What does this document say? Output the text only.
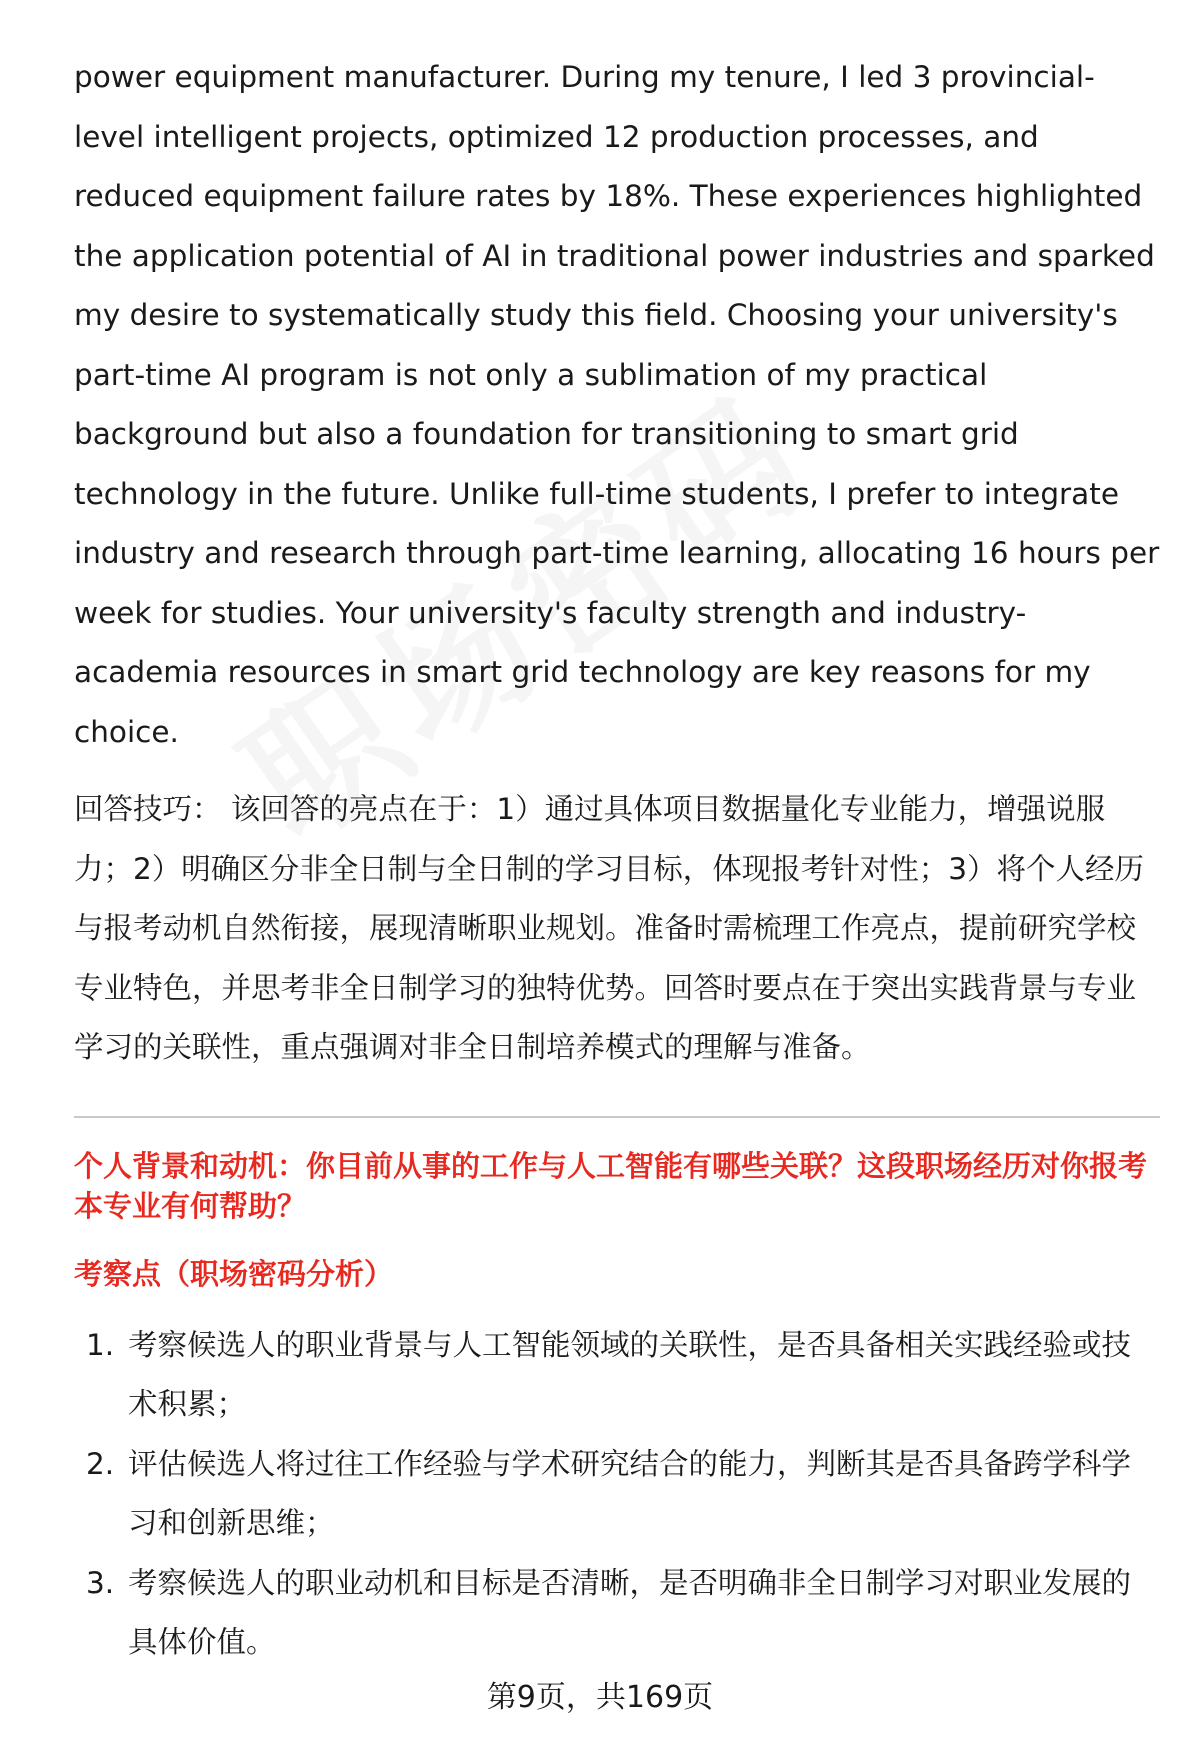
power equipment manufacturer. During my tenure, I led 3 provincial-level intelligent projects, optimized 12 production processes, and reduced equipment failure rates by 18%. These experiences highlighted the application potential of AI in traditional power industries and sparked my desire to systematically study this field. Choosing your university's part-time AI program is not only a sublimation of my practical background but also a foundation for transitioning to smart grid technology in the future. Unlike full-time students, I prefer to integrate industry and research through part-time learning, allocating 16 hours per week for studies. Your university's faculty strength and industry-academia resources in smart grid technology are key reasons for my choice.

回答技巧： 该回答的亮点在于：1）通过具体项目数据量化专业能力，增强说服力；2）明确区分非全日制与全日制的学习目标，体现报考针对性；3）将个人经历与报考动机自然衔接，展现清晰职业规划。准备时需梳理工作亮点，提前研究学校专业特色，并思考非全日制学习的独特优势。回答时要点在于突出实践背景与专业学习的关联性，重点强调对非全日制培养模式的理解与准备。

个人背景和动机：你目前从事的工作与人工智能有哪些关联？这段职场经历对你报考本专业有何帮助？
考察点（职场密码分析）
1. 考察候选人的职业背景与人工智能领域的关联性，是否具备相关实践经验或技术积累；
2. 评估候选人将过往工作经验与学术研究结合的能力，判断其是否具备跨学科学习和创新思维；
3. 考察候选人的职业动机和目标是否清晰，是否明确非全日制学习对职业发展的具体价值。
第9页，共169页
